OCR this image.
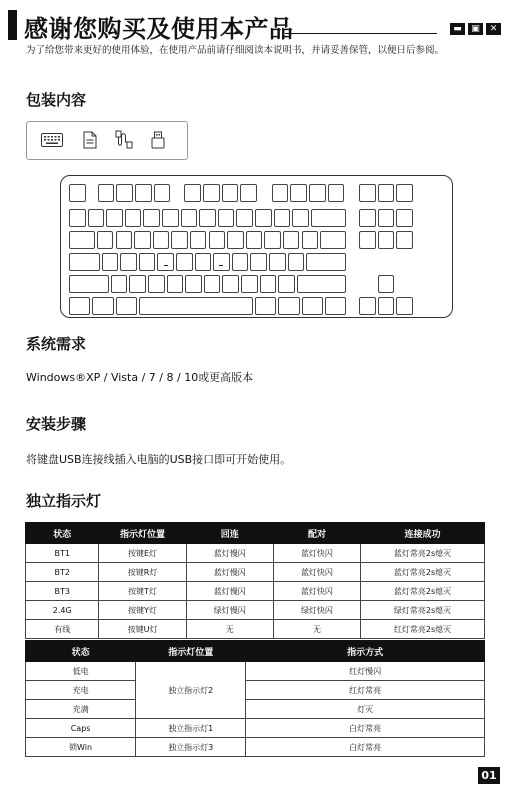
感谢您购买及使用本产品	▬	▣	✕
为了给您带来更好的使用体验，在使用产品前请仔细阅读本说明书，并请妥善保管，以便日后参阅。
包装内容
系统需求
Windows®XP / Vista / 7 / 8 / 10或更高版本
安装步骤
将键盘USB连接线插入电脑的USB接口即可开始使用。
独立指示灯
状态	指示灯位置	回连	配对	连接成功
BT1	按键E灯	蓝灯慢闪	蓝灯快闪	蓝灯常亮2s熄灭
BT2	按键R灯	蓝灯慢闪	蓝灯快闪	蓝灯常亮2s熄灭
BT3	按键T灯	蓝灯慢闪	蓝灯快闪	蓝灯常亮2s熄灭
2.4G	按键Y灯	绿灯慢闪	绿灯快闪	绿灯常亮2s熄灭
有线	按键U灯	无	无	红灯常亮2s熄灭
状态	指示灯位置	指示方式
低电	独立指示灯2	红灯慢闪
充电		红灯常亮
充满		灯灭
Caps	独立指示灯1	白灯常亮
锁Win	独立指示灯3	白灯常亮
01
